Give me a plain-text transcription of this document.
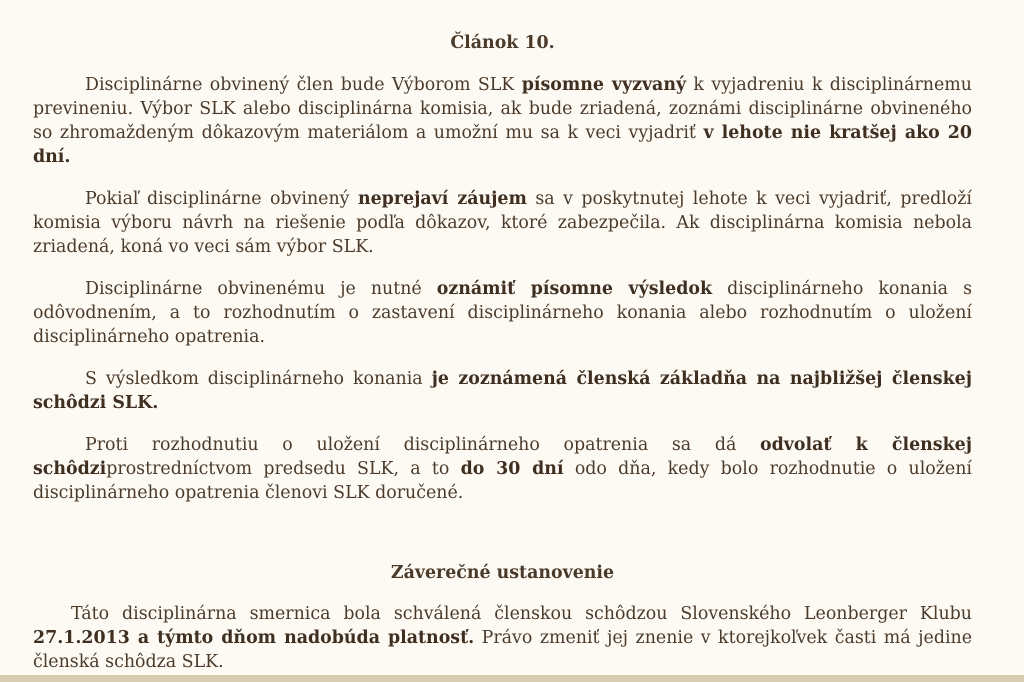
Článok 10.

Disciplinárne obvinený člen bude Výborom SLK písomne vyzvaný k vyjadreniu k disciplinárnemu previneniu. Výbor SLK alebo disciplinárna komisia, ak bude zriadená, zoznámi disciplinárne obvineného so zhromaždeným dôkazovým materiálom a umožní mu sa k veci vyjadriť v lehote nie kratšej ako 20 dní.

Pokiaľ disciplinárne obvinený neprejaví záujem sa v poskytnutej lehote k veci vyjadriť, predloží komisia výboru návrh na riešenie podľa dôkazov, ktoré zabezpečila. Ak disciplinárna komisia nebola zriadená, koná vo veci sám výbor SLK.

Disciplinárne obvinenému je nutné oznámiť písomne výsledok disciplinárneho konania s odôvodnením, a to rozhodnutím o zastavení disciplinárneho konania alebo rozhodnutím o uložení disciplinárneho opatrenia.

S výsledkom disciplinárneho konania je zoznámená členská základňa na najbližšej členskej schôdzi SLK.

Proti rozhodnutiu o uložení disciplinárneho opatrenia sa dá odvolať k členskej schôdziprostredníctvom predsedu SLK, a to do 30 dní odo dňa, kedy bolo rozhodnutie o uložení disciplinárneho opatrenia členovi SLK doručené.

Záverečné ustanovenie

Táto disciplinárna smernica bola schválená členskou schôdzou Slovenského Leonberger Klubu 27.1.2013 a týmto dňom nadobúda platnosť. Právo zmeniť jej znenie v ktorejkoľvek časti má jedine členská schôdza SLK.
